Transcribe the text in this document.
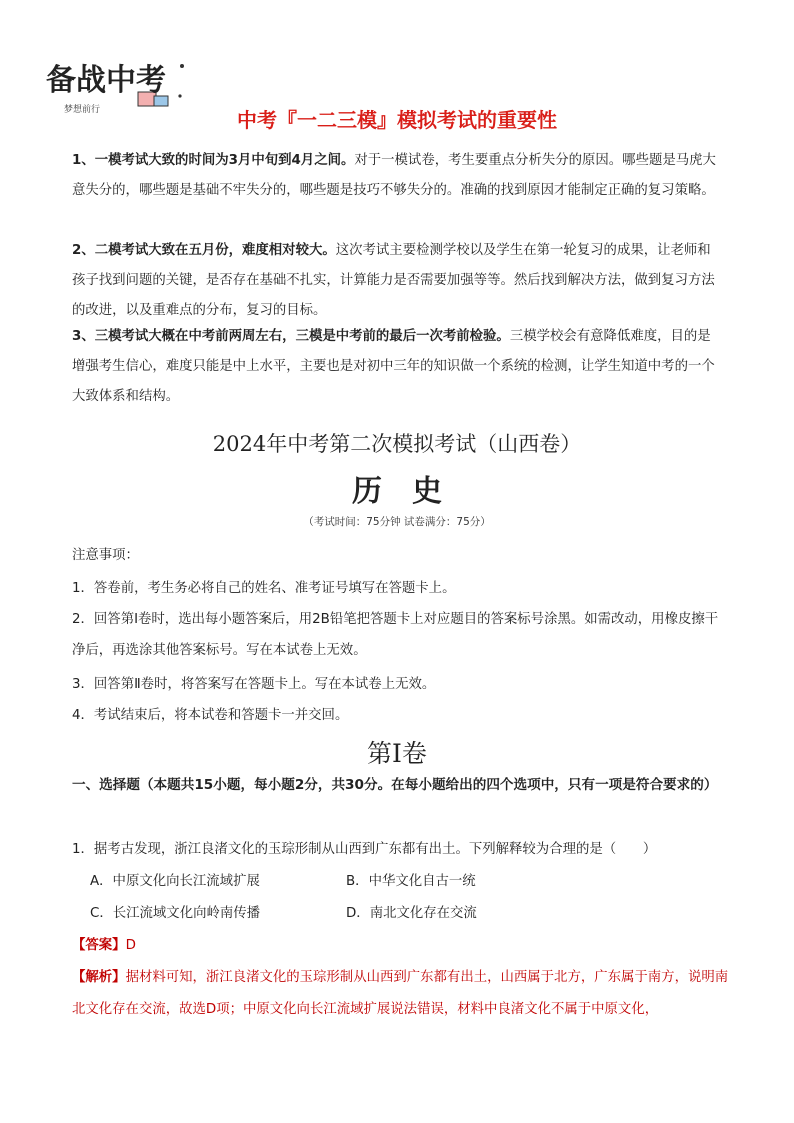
备战中考
梦想前行	中考『一二三模』模拟考试的重要性
1、一模考试大致的时间为3月中旬到4月之间。对于一模试卷，考生要重点分析失分的原因。哪些题是马虎大意失分的，哪些题是基础不牢失分的，哪些题是技巧不够失分的。准确的找到原因才能制定正确的复习策略。
2、二模考试大致在五月份，难度相对较大。这次考试主要检测学校以及学生在第一轮复习的成果，让老师和孩子找到问题的关键，是否存在基础不扎实，计算能力是否需要加强等等。然后找到解决方法，做到复习方法的改进，以及重难点的分布，复习的目标。
3、三模考试大概在中考前两周左右，三模是中考前的最后一次考前检验。三模学校会有意降低难度，目的是增强考生信心，难度只能是中上水平，主要也是对初中三年的知识做一个系统的检测，让学生知道中考的一个大致体系和结构。
2024年中考第二次模拟考试（山西卷）
历史
（考试时间：75分钟 试卷满分：75分）
注意事项：
1．答卷前，考生务必将自己的姓名、准考证号填写在答题卡上。
2．回答第Ⅰ卷时，选出每小题答案后，用2B铅笔把答题卡上对应题目的答案标号涂黑。如需改动，用橡皮擦干净后，再选涂其他答案标号。写在本试卷上无效。
3．回答第Ⅱ卷时，将答案写在答题卡上。写在本试卷上无效。
4．考试结束后，将本试卷和答题卡一并交回。
第Ⅰ卷
一、选择题（本题共15小题，每小题2分，共30分。在每小题给出的四个选项中，只有一项是符合要求的）
1．据考古发现，浙江良渚文化的玉琮形制从山西到广东都有出土。下列解释较为合理的是（　　）
A．中原文化向长江流域扩展	B．中华文化自古一统
C．长江流域文化向岭南传播	D．南北文化存在交流
【答案】D
【解析】据材料可知，浙江良渚文化的玉琮形制从山西到广东都有出土，山西属于北方，广东属于南方，说明南北文化存在交流，故选D项；中原文化向长江流域扩展说法错误，材料中良渚文化不属于中原文化，
